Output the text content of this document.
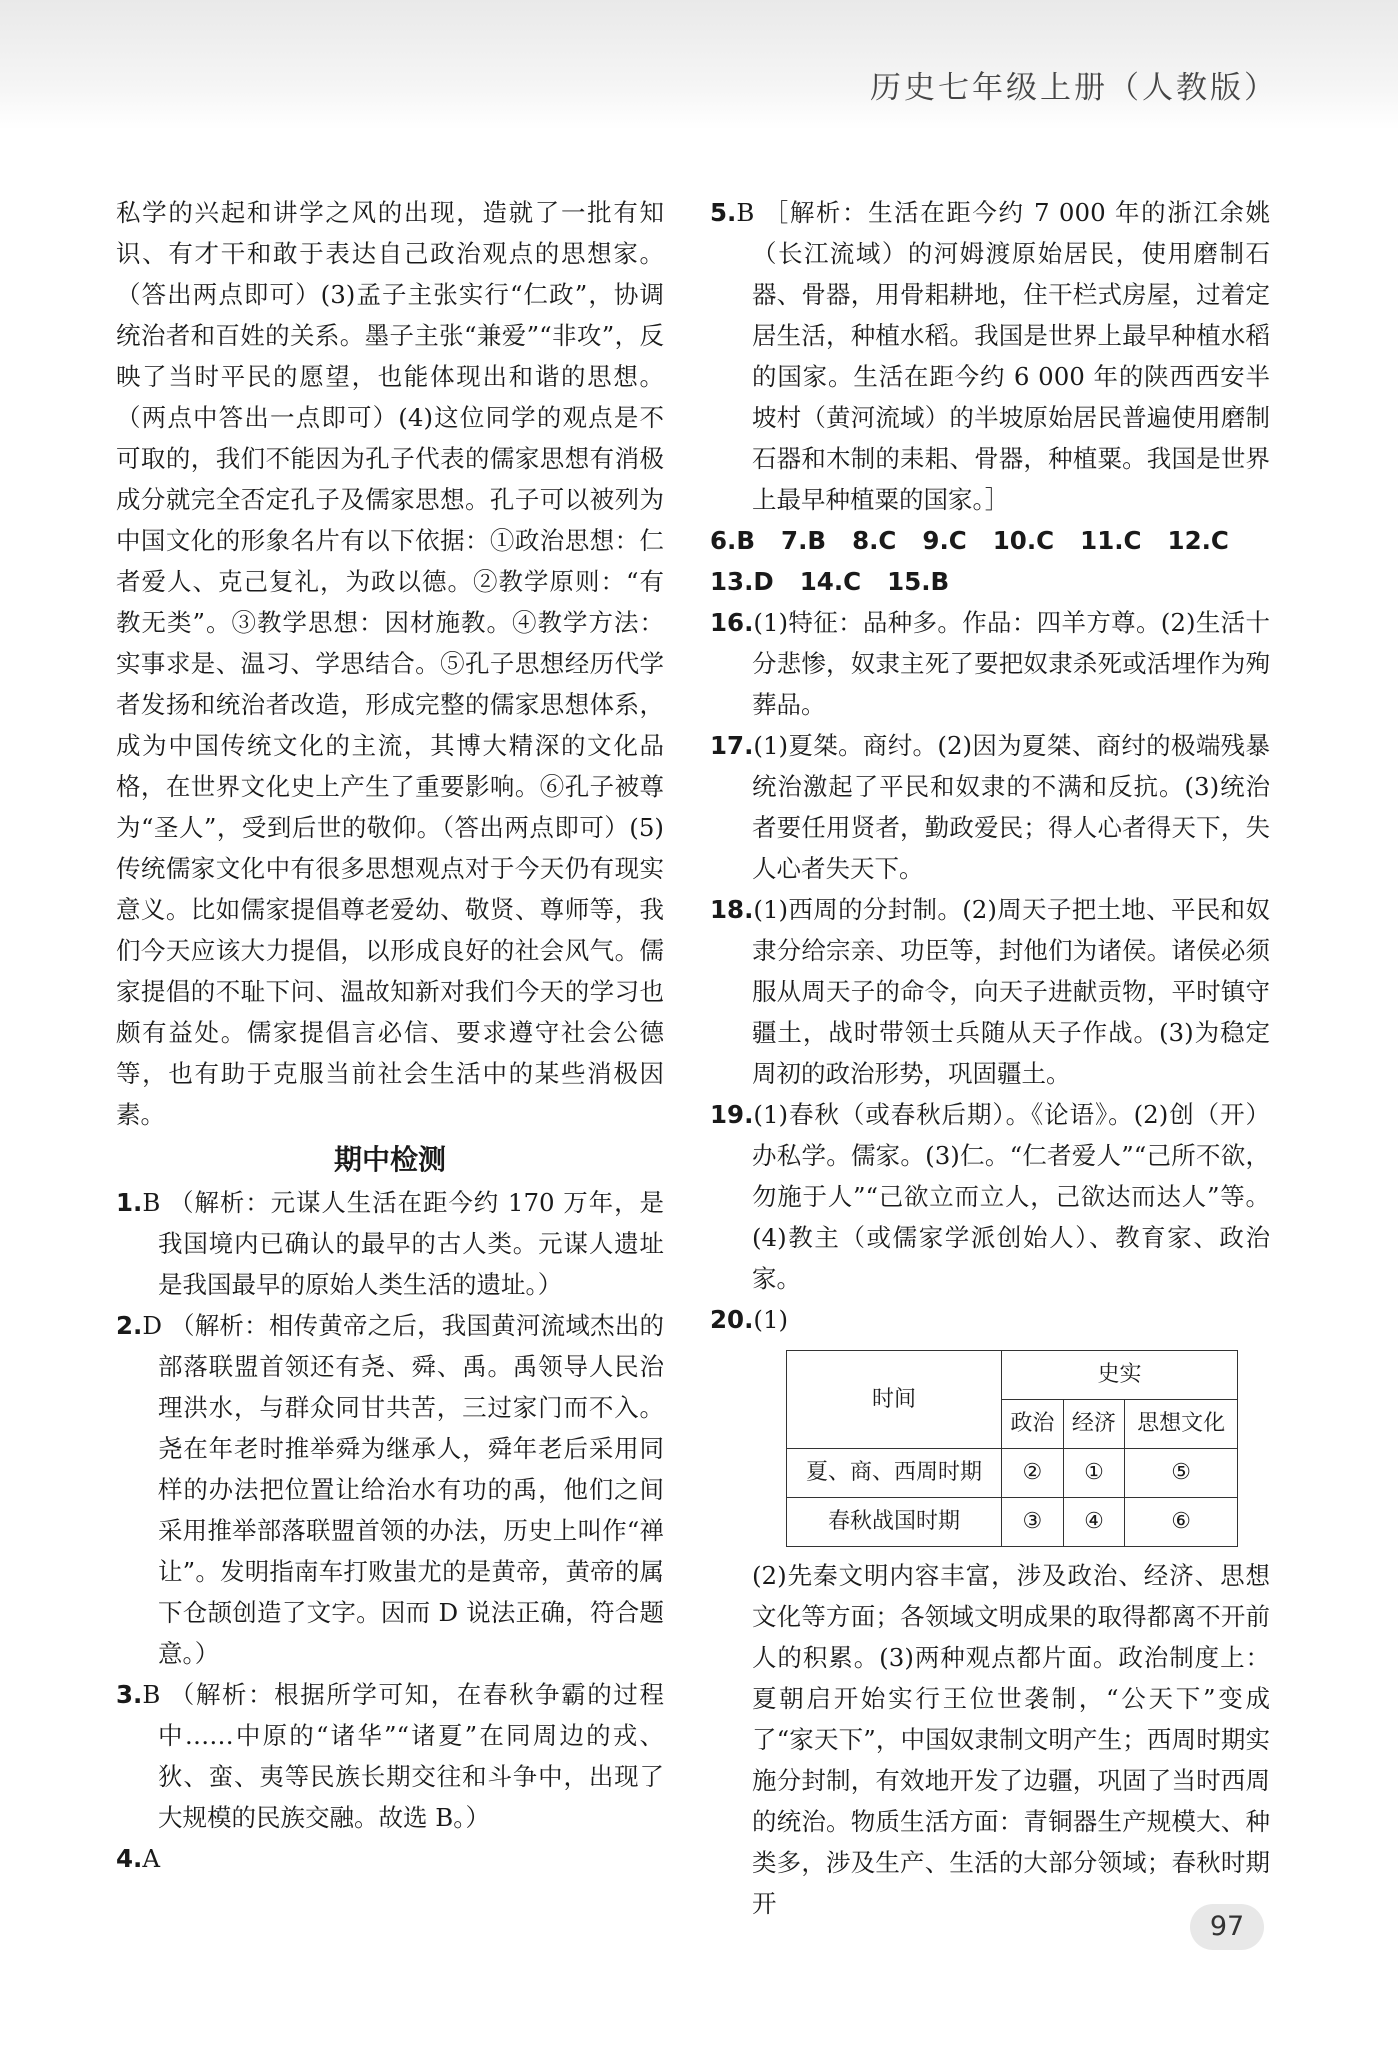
历史七年级上册（人教版）

私学的兴起和讲学之风的出现，造就了一批有知识、有才干和敢于表达自己政治观点的思想家。（答出两点即可）(3)孟子主张实行“仁政”，协调统治者和百姓的关系。墨子主张“兼爱”“非攻”，反映了当时平民的愿望，也能体现出和谐的思想。（两点中答出一点即可）(4)这位同学的观点是不可取的，我们不能因为孔子代表的儒家思想有消极成分就完全否定孔子及儒家思想。孔子可以被列为中国文化的形象名片有以下依据：①政治思想：仁者爱人、克己复礼，为政以德。②教学原则：“有教无类”。③教学思想：因材施教。④教学方法：实事求是、温习、学思结合。⑤孔子思想经历代学者发扬和统治者改造，形成完整的儒家思想体系，成为中国传统文化的主流，其博大精深的文化品格，在世界文化史上产生了重要影响。⑥孔子被尊为“圣人”，受到后世的敬仰。（答出两点即可）(5)传统儒家文化中有很多思想观点对于今天仍有现实意义。比如儒家提倡尊老爱幼、敬贤、尊师等，我们今天应该大力提倡，以形成良好的社会风气。儒家提倡的不耻下问、温故知新对我们今天的学习也颇有益处。儒家提倡言必信、要求遵守社会公德等，也有助于克服当前社会生活中的某些消极因素。

期中检测

1.B （解析：元谋人生活在距今约 170 万年，是我国境内已确认的最早的古人类。元谋人遗址是我国最早的原始人类生活的遗址。）

2.D （解析：相传黄帝之后，我国黄河流域杰出的部落联盟首领还有尧、舜、禹。禹领导人民治理洪水，与群众同甘共苦，三过家门而不入。尧在年老时推举舜为继承人，舜年老后采用同样的办法把位置让给治水有功的禹，他们之间采用推举部落联盟首领的办法，历史上叫作“禅让”。发明指南车打败蚩尤的是黄帝，黄帝的属下仓颉创造了文字。因而 D 说法正确，符合题意。）

3.B （解析：根据所学可知，在春秋争霸的过程中……中原的“诸华”“诸夏”在同周边的戎、狄、蛮、夷等民族长期交往和斗争中，出现了大规模的民族交融。故选 B。）

4.A

5.B ［解析：生活在距今约 7 000 年的浙江余姚（长江流域）的河姆渡原始居民，使用磨制石器、骨器，用骨耜耕地，住干栏式房屋，过着定居生活，种植水稻。我国是世界上最早种植水稻的国家。生活在距今约 6 000 年的陕西西安半坡村（黄河流域）的半坡原始居民普遍使用磨制石器和木制的耒耜、骨器，种植粟。我国是世界上最早种植粟的国家。］

6.B 7.B 8.C 9.C 10.C 11.C 12.C

13.D 14.C 15.B

16.(1)特征：品种多。作品：四羊方尊。(2)生活十分悲惨，奴隶主死了要把奴隶杀死或活埋作为殉葬品。

17.(1)夏桀。商纣。(2)因为夏桀、商纣的极端残暴统治激起了平民和奴隶的不满和反抗。(3)统治者要任用贤者，勤政爱民；得人心者得天下，失人心者失天下。

18.(1)西周的分封制。(2)周天子把土地、平民和奴隶分给宗亲、功臣等，封他们为诸侯。诸侯必须服从周天子的命令，向天子进献贡物，平时镇守疆土，战时带领士兵随从天子作战。(3)为稳定周初的政治形势，巩固疆土。

19.(1)春秋（或春秋后期）。《论语》。(2)创（开）办私学。儒家。(3)仁。“仁者爱人”“己所不欲，勿施于人”“己欲立而立人，己欲达而达人”等。(4)教主（或儒家学派创始人）、教育家、政治家。

20.(1)

时间	史实		
	政治	经济	思想文化
夏、商、西周时期	②	①	⑤
春秋战国时期	③	④	⑥

(2)先秦文明内容丰富，涉及政治、经济、思想文化等方面；各领域文明成果的取得都离不开前人的积累。(3)两种观点都片面。政治制度上：夏朝启开始实行王位世袭制，“公天下”变成了“家天下”，中国奴隶制文明产生；西周时期实施分封制，有效地开发了边疆，巩固了当时西周的统治。物质生活方面：青铜器生产规模大、种类多，涉及生产、生活的大部分领域；春秋时期开

97
